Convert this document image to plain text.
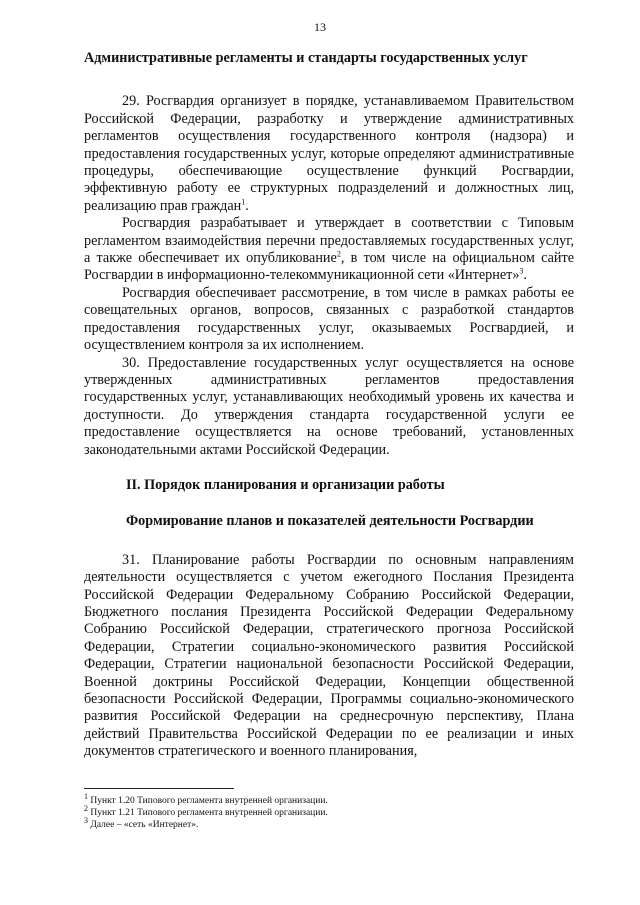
13
Административные регламенты и стандарты государственных услуг

29. Росгвардия организует в порядке, устанавливаемом Правительством Российской Федерации, разработку и утверждение административных регламентов осуществления государственного контроля (надзора) и предоставления государственных услуг, которые определяют административные процедуры, обеспечивающие осуществление функций Росгвардии, эффективную работу ее структурных подразделений и должностных лиц, реализацию прав граждан$^1$.

Росгвардия разрабатывает и утверждает в соответствии с Типовым регламентом взаимодействия перечни предоставляемых государственных услуг, а также обеспечивает их опубликование$^2$, в том числе на официальном сайте Росгвардии в информационно-телекоммуникационной сети «Интернет»$^3$.

Росгвардия обеспечивает рассмотрение, в том числе в рамках работы ее совещательных органов, вопросов, связанных с разработкой стандартов предоставления государственных услуг, оказываемых Росгвардией, и осуществлением контроля за их исполнением.

30. Предоставление государственных услуг осуществляется на основе утвержденных административных регламентов предоставления государственных услуг, устанавливающих необходимый уровень их качества и доступности. До утверждения стандарта государственной услуги ее предоставление осуществляется на основе требований, установленных законодательными актами Российской Федерации.

II. Порядок планирования и организации работы
Формирование планов и показателей деятельности Росгвардии

31. Планирование работы Росгвардии по основным направлениям деятельности осуществляется с учетом ежегодного Послания Президента Российской Федерации Федеральному Собранию Российской Федерации, Бюджетного послания Президента Российской Федерации Федеральному Собранию Российской Федерации, стратегического прогноза Российской Федерации, Стратегии социально-экономического развития Российской Федерации, Стратегии национальной безопасности Российской Федерации, Военной доктрины Российской Федерации, Концепции общественной безопасности Российской Федерации, Программы социально-экономического развития Российской Федерации на среднесрочную перспективу, Плана действий Правительства Российской Федерации по ее реализации и иных документов стратегического и военного планирования,

$^1$ Пункт 1.20 Типового регламента внутренней организации.

$^2$ Пункт 1.21 Типового регламента внутренней организации.

$^3$ Далее – «сеть «Интернет».
